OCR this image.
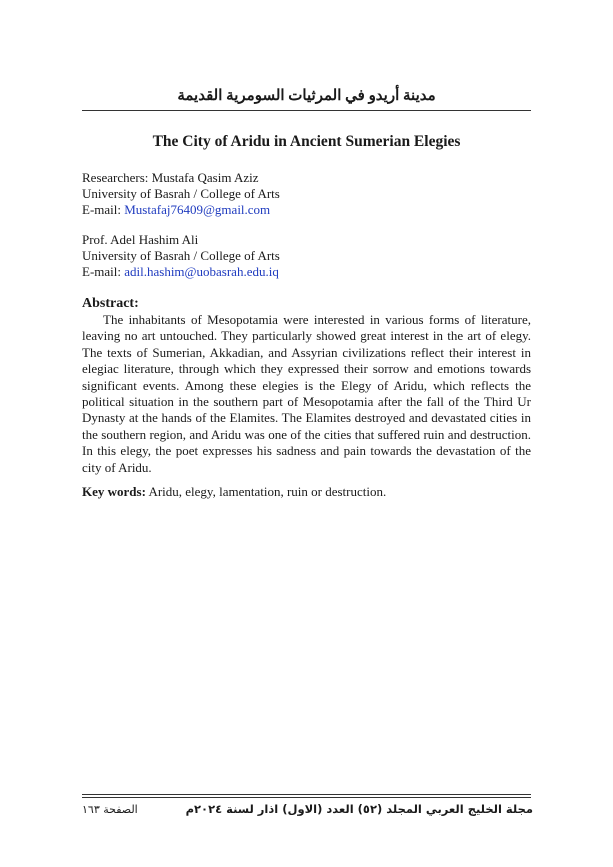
مدينة أريدو في المرثيات السومرية القديمة
The City of Aridu in Ancient Sumerian Elegies
Researchers: Mustafa Qasim Aziz
University of Basrah / College of Arts
E-mail: Mustafaj76409@gmail.com
Prof. Adel Hashim Ali
University of Basrah / College of Arts
E-mail: adil.hashim@uobasrah.edu.iq
Abstract:

The inhabitants of Mesopotamia were interested in various forms of literature, leaving no art untouched. They particularly showed great interest in the art of elegy. The texts of Sumerian, Akkadian, and Assyrian civilizations reflect their interest in elegiac literature, through which they expressed their sorrow and emotions towards significant events. Among these elegies is the Elegy of Aridu, which reflects the political situation in the southern part of Mesopotamia after the fall of the Third Ur Dynasty at the hands of the Elamites. The Elamites destroyed and devastated cities in the southern region, and Aridu was one of the cities that suffered ruin and destruction. In this elegy, the poet expresses his sadness and pain towards the devastation of the city of Aridu.

Key words: Aridu, elegy, lamentation, ruin or destruction.
مجلة الخليج العربي المجلد (٥٢) العدد (الاول) اذار لسنة ٢٠٢٤م
الصفحة ١٦٣
